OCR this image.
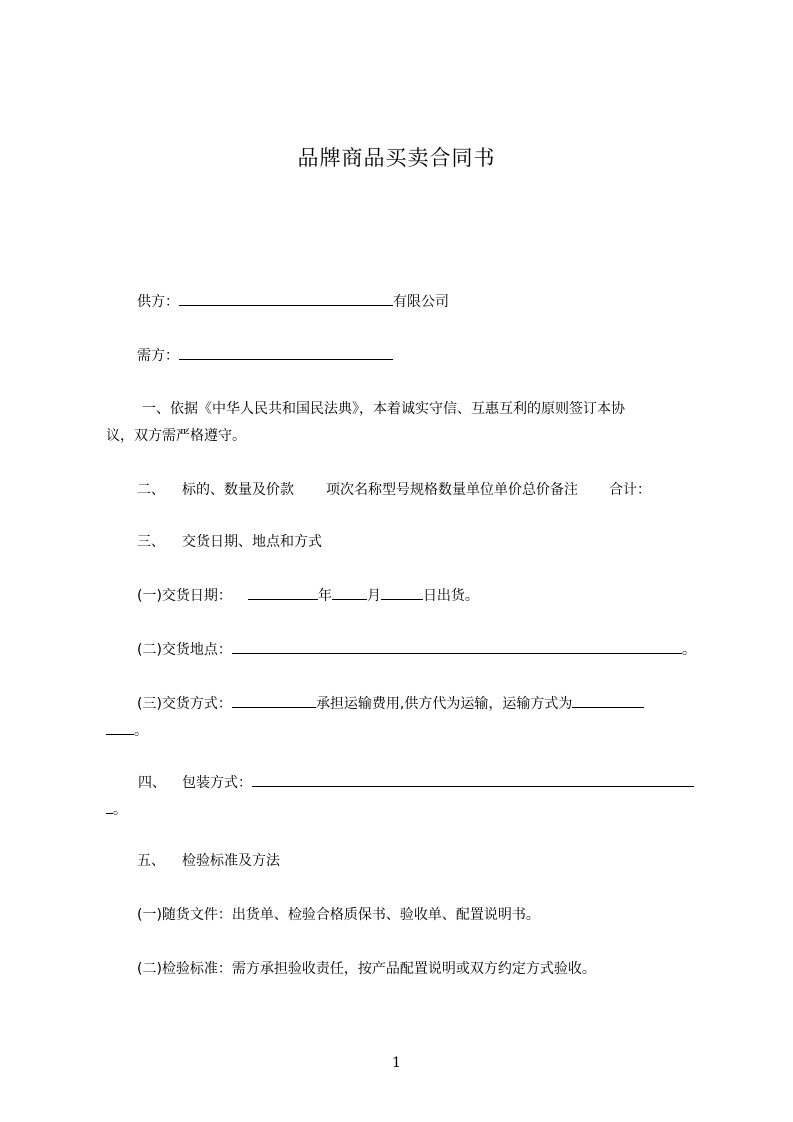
品牌商品买卖合同书
供方：	有限公司
需方：
一、依据《中华人民共和国民法典》，本着诚实守信、互惠互利的原则签订本协
议，双方需严格遵守。
二、 标的、数量及价款 项次名称型号规格数量单位单价总价备注 合计：
三、 交货日期、地点和方式
(一)交货日期：	年	月	日出货。
(二)交货地点：	。
(三)交货方式：	承担运输费用,供方代为运输，运输方式为
。
四、 包装方式：
。
五、 检验标准及方法
(一)随货文件：出货单、检验合格质保书、验收单、配置说明书。
(二)检验标准：需方承担验收责任，按产品配置说明或双方约定方式验收。
1
